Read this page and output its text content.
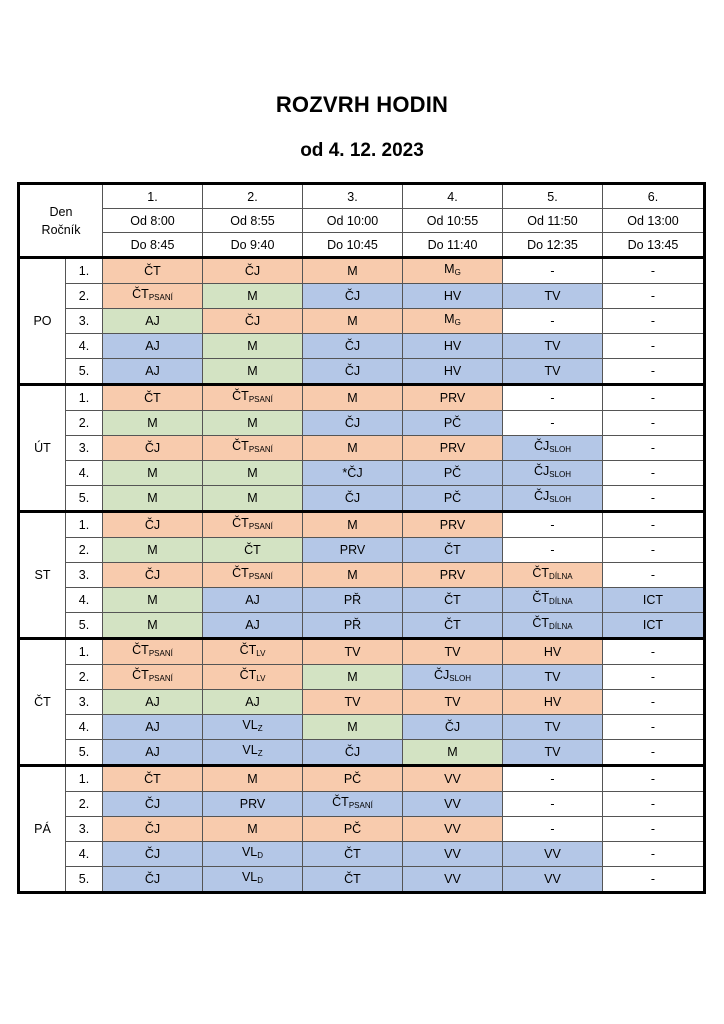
ROZVRH HODIN
od 4. 12. 2023
Den
Ročník		1.	2.	3.	4.	5.	6.
		Od 8:00	Od 8:55	Od 10:00	Od 10:55	Od 11:50	Od 13:00
		Do 8:45	Do 9:40	Do 10:45	Do 11:40	Do 12:35	Do 13:45
PO	1.	ČT	ČJ	M	$M_G$	-	-
	2.	$ČT_{PSANÍ}$	M	ČJ	HV	TV	-
	3.	AJ	ČJ	M	$M_G$	-	-
	4.	AJ	M	ČJ	HV	TV	-
	5.	AJ	M	ČJ	HV	TV	-
ÚT	1.	ČT	$ČT_{PSANÍ}$	M	PRV	-	-
	2.	M	M	ČJ	PČ	-	-
	3.	ČJ	$ČT_{PSANÍ}$	M	PRV	$ČJ_{SLOH}$	-
	4.	M	M	*ČJ	PČ	$ČJ_{SLOH}$	-
	5.	M	M	ČJ	PČ	$ČJ_{SLOH}$	-
ST	1.	ČJ	$ČT_{PSANÍ}$	M	PRV	-	-
	2.	M	ČT	PRV	ČT	-	-
	3.	ČJ	$ČT_{PSANÍ}$	M	PRV	$ČT_{DÍLNA}$	-
	4.	M	AJ	PŘ	ČT	$ČT_{DÍLNA}$	ICT
	5.	M	AJ	PŘ	ČT	$ČT_{DÍLNA}$	ICT
ČT	1.	$ČT_{PSANÍ}$	$ČT_{LV}$	TV	TV	HV	-
	2.	$ČT_{PSANÍ}$	$ČT_{LV}$	M	$ČJ_{SLOH}$	TV	-
	3.	AJ	AJ	TV	TV	HV	-
	4.	AJ	$VL_Z$	M	ČJ	TV	-
	5.	AJ	$VL_Z$	ČJ	M	TV	-
PÁ	1.	ČT	M	PČ	VV	-	-
	2.	ČJ	PRV	$ČT_{PSANÍ}$	VV	-	-
	3.	ČJ	M	PČ	VV	-	-
	4.	ČJ	$VL_D$	ČT	VV	VV	-
	5.	ČJ	$VL_D$	ČT	VV	VV	-
